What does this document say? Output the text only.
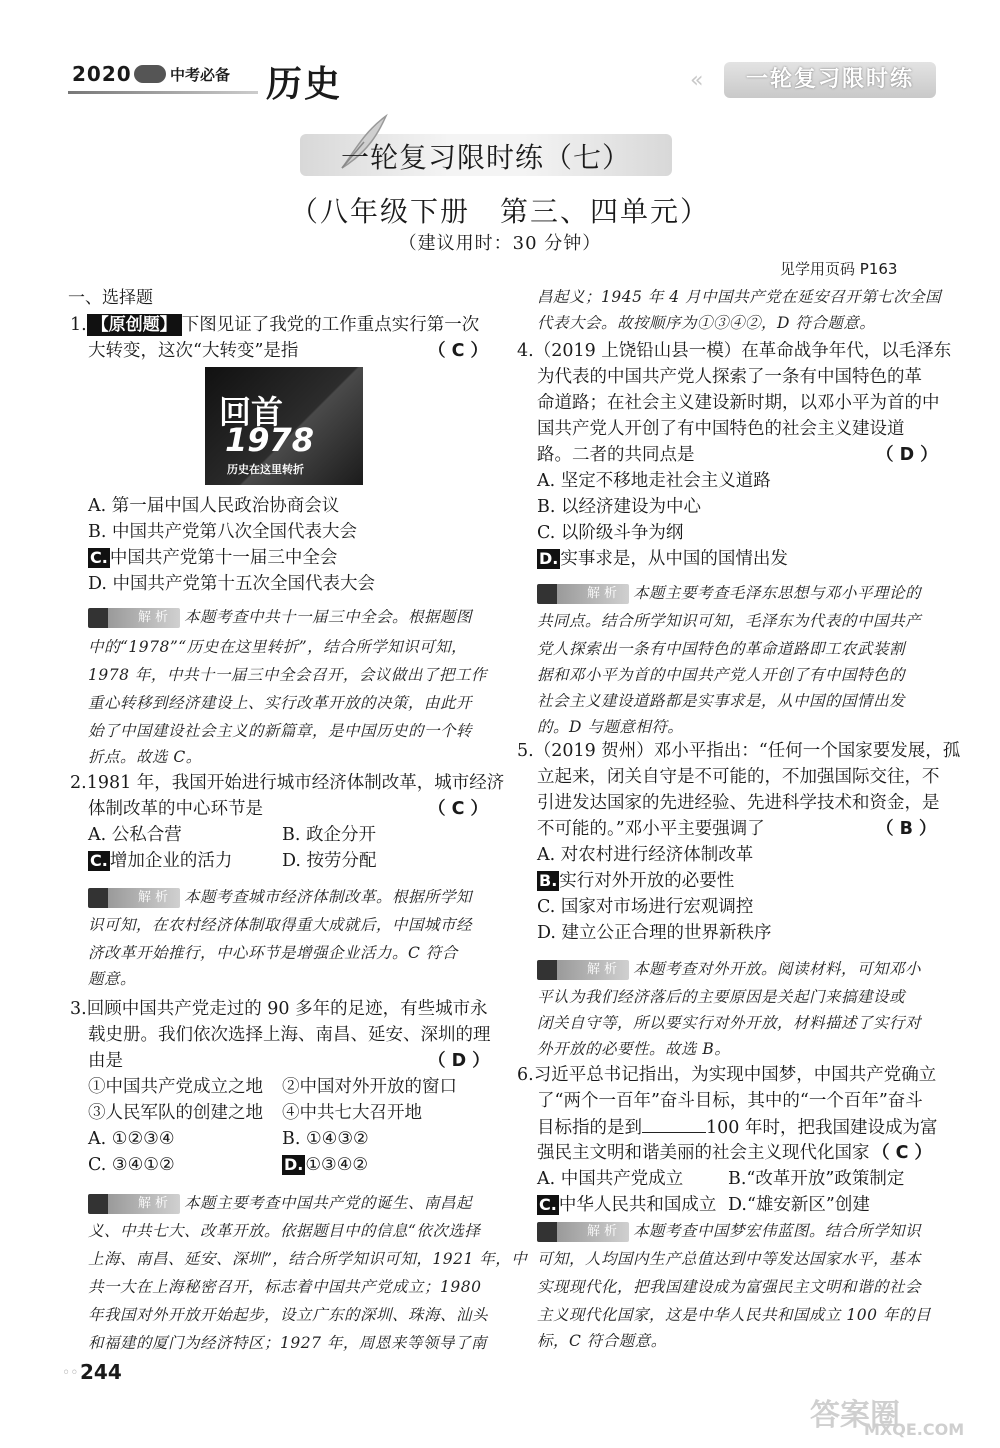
2020	中考必备 历史	«	一轮复习限时练
一轮复习限时练（七）
（八年级下册　第三、四单元）
（建议用时：30 分钟）
见学用页码 P163
一、选择题
1. 【原创题】 下图见证了我党的工作重点实行第一次
大转变，这次“大转变”是指	（ C ）
回首
1978
历史在这里转折
A. 第一届中国人民政治协商会议
B. 中国共产党第八次全国代表大会
C. 中国共产党第十一届三中全会
D. 中国共产党第十五次全国代表大会
解析 本题考查中共十一届三中全会。根据题图
中的“1978”“历史在这里转折”，结合所学知识可知，
1978 年，中共十一届三中全会召开，会议做出了把工作
重心转移到经济建设上、实行改革开放的决策，由此开
始了中国建设社会主义的新篇章，是中国历史的一个转
折点。故选 C。
2.1981 年，我国开始进行城市经济体制改革，城市经济
体制改革的中心环节是	（ C ）
A. 公私合营	B. 政企分开
C. 增加企业的活力	D. 按劳分配
解析 本题考查城市经济体制改革。根据所学知
识可知，在农村经济体制取得重大成就后，中国城市经
济改革开始推行，中心环节是增强企业活力。C 符合
题意。
3.回顾中国共产党走过的 90 多年的足迹，有些城市永
载史册。我们依次选择上海、南昌、延安、深圳的理
由是	（ D ）
①中国共产党成立之地 ②中国对外开放的窗口
③人民军队的创建之地 ④中共七大召开地
A. ①②③④	B. ①④③②
C. ③④①②	D. ①③④②
解析 本题主要考查中国共产党的诞生、南昌起
义、中共七大、改革开放。依据题目中的信息“依次选择
上海、南昌、延安、深圳”，结合所学知识可知，1921 年，中
共一大在上海秘密召开，标志着中国共产党成立；1980
年我国对外开放开始起步，设立广东的深圳、珠海、汕头
和福建的厦门为经济特区；1927 年，周恩来等领导了南
昌起义；1945 年 4 月中国共产党在延安召开第七次全国
代表大会。故按顺序为①③④②，D 符合题意。
4.（2019 上饶铅山县一模）在革命战争年代，以毛泽东
为代表的中国共产党人探索了一条有中国特色的革
命道路；在社会主义建设新时期，以邓小平为首的中
国共产党人开创了有中国特色的社会主义建设道
路。二者的共同点是	（ D ）
A. 坚定不移地走社会主义道路
B. 以经济建设为中心
C. 以阶级斗争为纲
D. 实事求是，从中国的国情出发
解析 本题主要考查毛泽东思想与邓小平理论的
共同点。结合所学知识可知，毛泽东为代表的中国共产
党人探索出一条有中国特色的革命道路即工农武装割
据和邓小平为首的中国共产党人开创了有中国特色的
社会主义建设道路都是实事求是，从中国的国情出发
的。D 与题意相符。
5.（2019 贺州）邓小平指出：“任何一个国家要发展，孤
立起来，闭关自守是不可能的，不加强国际交往，不
引进发达国家的先进经验、先进科学技术和资金，是
不可能的。”邓小平主要强调了	（ B ）
A. 对农村进行经济体制改革
B. 实行对外开放的必要性
C. 国家对市场进行宏观调控
D. 建立公正合理的世界新秩序
解析 本题考查对外开放。阅读材料，可知邓小
平认为我们经济落后的主要原因是关起门来搞建设或
闭关自守等，所以要实行对外开放，材料描述了实行对
外开放的必要性。故选 B。
6.习近平总书记指出，为实现中国梦，中国共产党确立
了“两个一百年”奋斗目标，其中的“一个百年”奋斗
目标指的是到	100 年时，把我国建设成为富
强民主文明和谐美丽的社会主义现代化国家 （ C ）
A. 中国共产党成立	B.“改革开放”政策制定
C. 中华人民共和国成立 D.“雄安新区”创建
解析 本题考查中国梦宏伟蓝图。结合所学知识
可知，人均国内生产总值达到中等发达国家水平，基本
实现现代化，把我国建设成为富强民主文明和谐的社会
主义现代化国家，这是中华人民共和国成立 100 年的目
标，C 符合题意。
◦◦ 244
答案圈
MXQE.COM
